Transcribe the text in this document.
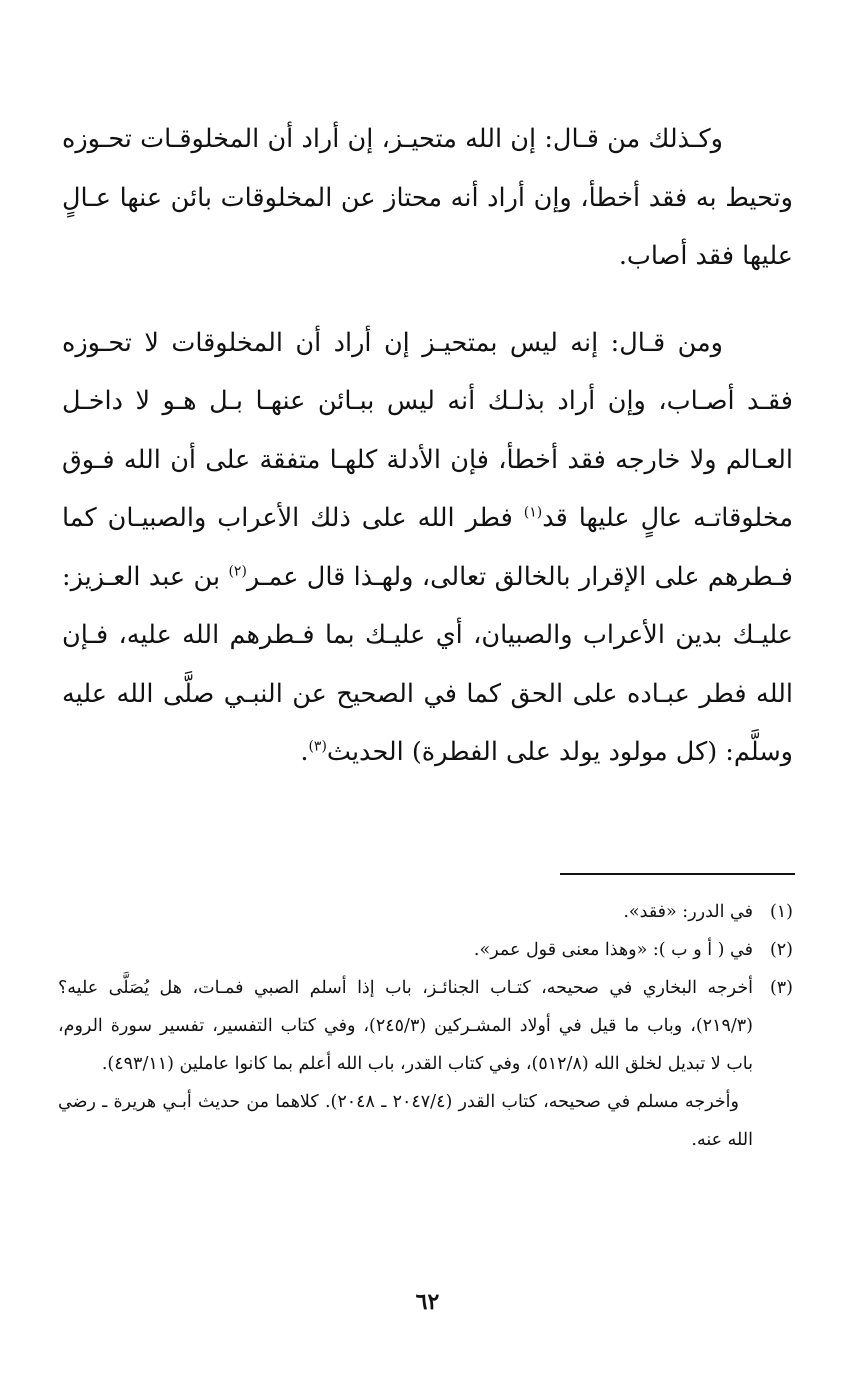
وكـذلك من قـال: إن الله متحيـز، إن أراد أن المخلوقـات تحـوزه وتحيط به فقد أخطأ، وإن أراد أنه محتاز عن المخلوقات بائن عنها عـالٍ عليها فقد أصاب.

ومن قـال: إنه ليس بمتحيـز إن أراد أن المخلوقات لا تحـوزه فقـد أصـاب، وإن أراد بذلـك أنه ليس ببـائن عنهـا بـل هـو لا داخـل العـالم ولا خارجه فقد أخطأ، فإن الأدلة كلهـا متفقة على أن الله فـوق مخلوقاتـه عالٍ عليها قد$^{(١)}$ فطر الله على ذلك الأعراب والصبيـان كما فـطرهم على الإقرار بالخالق تعالى، ولهـذا قال عمـر$^{(٢)}$ بن عبد العـزيز: عليـك بدين الأعراب والصبيان، أي عليـك بما فـطرهم الله عليه، فـإن الله فطر عبـاده على الحق كما في الصحيح عن النبـي صلَّى الله عليه وسلَّم: (كل مولود يولد على الفطرة) الحديث$^{(٣)}$.

(١)

في الدرر: «فقد».

(٢)

في ( أ و ب ): «وهذا معنى قول عمر».

(٣)

أخرجه البخاري في صحيحه، كتـاب الجنائـز، باب إذا أسلم الصبي فمـات، هل يُصَلَّى عليه؟ (٢١٩/٣)، وباب ما قيل في أولاد المشـركين (٢٤٥/٣)، وفي كتاب التفسير، تفسير سورة الروم، باب لا تبديل لخلق الله (٥١٢/٨)، وفي كتاب القدر، باب الله أعلم بما كانوا عاملين (٤٩٣/١١).

وأخرجه مسلم في صحيحه، كتاب القدر (٢٠٤٧/٤ ـ ٢٠٤٨). كلاهما من حديث أبـي هريرة ـ رضي الله عنه.

٦٢
